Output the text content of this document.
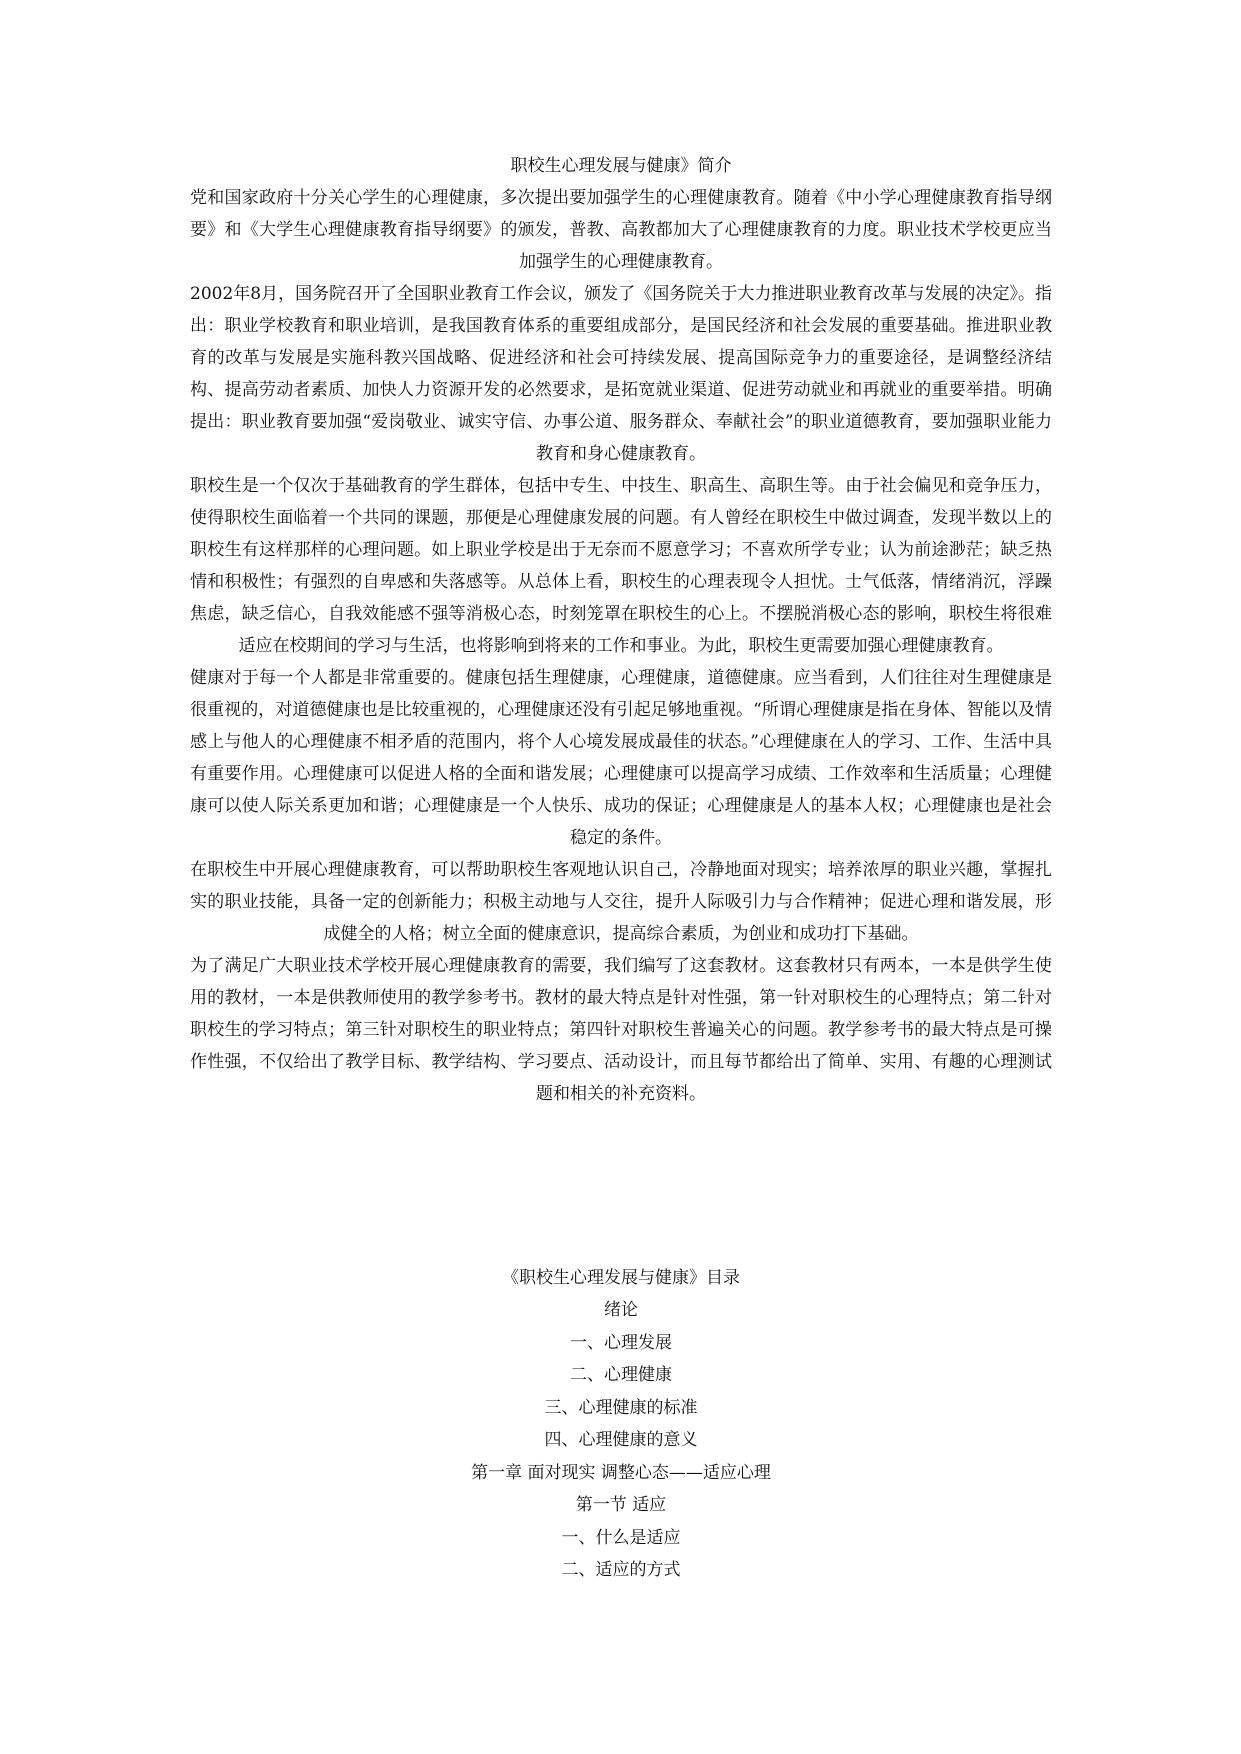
职校生心理发展与健康》简介

党和国家政府十分关心学生的心理健康，多次提出要加强学生的心理健康教育。随着《中小学心理健康教育指导纲要》和《大学生心理健康教育指导纲要》的颁发，普教、高教都加大了心理健康教育的力度。职业技术学校更应当加强学生的心理健康教育。

2002年8月，国务院召开了全国职业教育工作会议，颁发了《国务院关于大力推进职业教育改革与发展的决定》。指出：职业学校教育和职业培训，是我国教育体系的重要组成部分，是国民经济和社会发展的重要基础。推进职业教育的改革与发展是实施科教兴国战略、促进经济和社会可持续发展、提高国际竞争力的重要途径，是调整经济结构、提高劳动者素质、加快人力资源开发的必然要求，是拓宽就业渠道、促进劳动就业和再就业的重要举措。明确提出：职业教育要加强“爱岗敬业、诚实守信、办事公道、服务群众、奉献社会”的职业道德教育，要加强职业能力教育和身心健康教育。

职校生是一个仅次于基础教育的学生群体，包括中专生、中技生、职高生、高职生等。由于社会偏见和竞争压力，使得职校生面临着一个共同的课题，那便是心理健康发展的问题。有人曾经在职校生中做过调查，发现半数以上的职校生有这样那样的心理问题。如上职业学校是出于无奈而不愿意学习；不喜欢所学专业；认为前途渺茫；缺乏热情和积极性；有强烈的自卑感和失落感等。从总体上看，职校生的心理表现令人担忧。士气低落，情绪消沉，浮躁焦虑，缺乏信心，自我效能感不强等消极心态，时刻笼罩在职校生的心上。不摆脱消极心态的影响，职校生将很难适应在校期间的学习与生活，也将影响到将来的工作和事业。为此，职校生更需要加强心理健康教育。

健康对于每一个人都是非常重要的。健康包括生理健康，心理健康，道德健康。应当看到，人们往往对生理健康是很重视的，对道德健康也是比较重视的，心理健康还没有引起足够地重视。“所谓心理健康是指在身体、智能以及情感上与他人的心理健康不相矛盾的范围内，将个人心境发展成最佳的状态。”心理健康在人的学习、工作、生活中具有重要作用。心理健康可以促进人格的全面和谐发展；心理健康可以提高学习成绩、工作效率和生活质量；心理健康可以使人际关系更加和谐；心理健康是一个人快乐、成功的保证；心理健康是人的基本人权；心理健康也是社会稳定的条件。

在职校生中开展心理健康教育，可以帮助职校生客观地认识自己，冷静地面对现实；培养浓厚的职业兴趣，掌握扎实的职业技能，具备一定的创新能力；积极主动地与人交往，提升人际吸引力与合作精神；促进心理和谐发展，形成健全的人格；树立全面的健康意识，提高综合素质，为创业和成功打下基础。

为了满足广大职业技术学校开展心理健康教育的需要，我们编写了这套教材。这套教材只有两本，一本是供学生使用的教材，一本是供教师使用的教学参考书。教材的最大特点是针对性强，第一针对职校生的心理特点；第二针对职校生的学习特点；第三针对职校生的职业特点；第四针对职校生普遍关心的问题。教学参考书的最大特点是可操作性强，不仅给出了教学目标、教学结构、学习要点、活动设计，而且每节都给出了简单、实用、有趣的心理测试题和相关的补充资料。

《职校生心理发展与健康》目录
绪论
一、心理发展
二、心理健康
三、心理健康的标准
四、心理健康的意义
第一章 面对现实 调整心态——适应心理
第一节 适应
一、什么是适应
二、适应的方式
